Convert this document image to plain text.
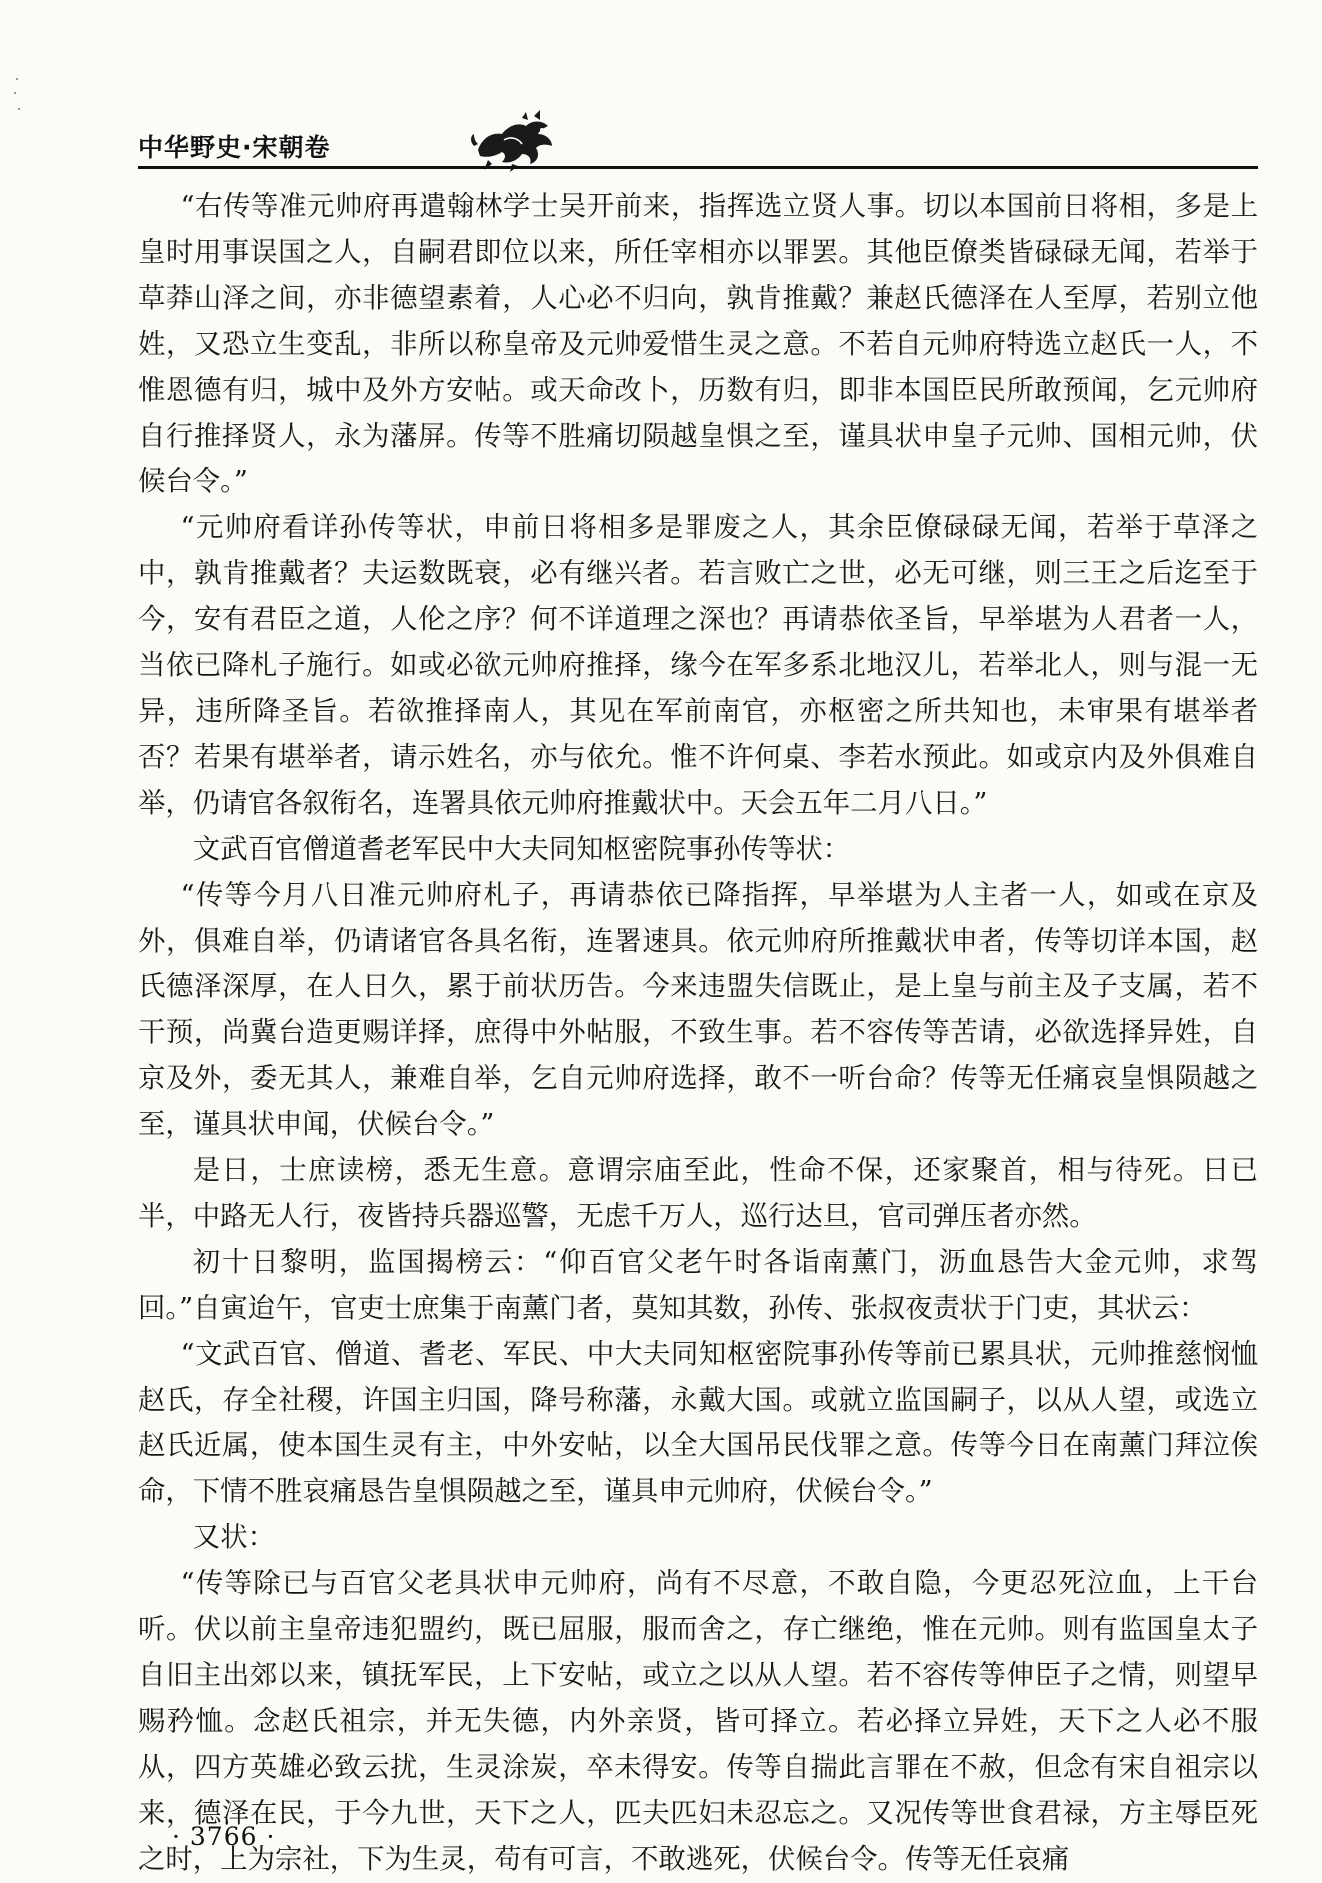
中华野史·宋朝卷

“右传等准元帅府再遣翰林学士吴开前来，指挥选立贤人事。切以本国前日将相，多是上皇时用事误国之人，自嗣君即位以来，所任宰相亦以罪罢。其他臣僚类皆碌碌无闻，若举于草莽山泽之间，亦非德望素着，人心必不归向，孰肯推戴？兼赵氏德泽在人至厚，若别立他姓，又恐立生变乱，非所以称皇帝及元帅爱惜生灵之意。不若自元帅府特选立赵氏一人，不惟恩德有归，城中及外方安帖。或天命改卜，历数有归，即非本国臣民所敢预闻，乞元帅府自行推择贤人，永为藩屏。传等不胜痛切陨越皇惧之至，谨具状申皇子元帅、国相元帅，伏候台令。”

“元帅府看详孙传等状，申前日将相多是罪废之人，其余臣僚碌碌无闻，若举于草泽之中，孰肯推戴者？夫运数既衰，必有继兴者。若言败亡之世，必无可继，则三王之后迄至于今，安有君臣之道，人伦之序？何不详道理之深也？再请恭依圣旨，早举堪为人君者一人，当依已降札子施行。如或必欲元帅府推择，缘今在军多系北地汉儿，若举北人，则与混一无异，违所降圣旨。若欲推择南人，其见在军前南官，亦枢密之所共知也，未审果有堪举者否？若果有堪举者，请示姓名，亦与依允。惟不许何桌、李若水预此。如或京内及外俱难自举，仍请官各叙衔名，连署具依元帅府推戴状中。天会五年二月八日。”

文武百官僧道耆老军民中大夫同知枢密院事孙传等状：

“传等今月八日准元帅府札子，再请恭依已降指挥，早举堪为人主者一人，如或在京及外，俱难自举，仍请诸官各具名衔，连署速具。依元帅府所推戴状申者，传等切详本国，赵氏德泽深厚，在人日久，累于前状历告。今来违盟失信既止，是上皇与前主及子支属，若不干预，尚冀台造更赐详择，庶得中外帖服，不致生事。若不容传等苦请，必欲选择异姓，自京及外，委无其人，兼难自举，乞自元帅府选择，敢不一听台命？传等无任痛哀皇惧陨越之至，谨具状申闻，伏候台令。”

是日，士庶读榜，悉无生意。意谓宗庙至此，性命不保，还家聚首，相与待死。日已半，中路无人行，夜皆持兵器巡警，无虑千万人，巡行达旦，官司弹压者亦然。

初十日黎明，监国揭榜云：“仰百官父老午时各诣南薰门，沥血恳告大金元帅，求驾回。”自寅迨午，官吏士庶集于南薰门者，莫知其数，孙传、张叔夜责状于门吏，其状云：

“文武百官、僧道、耆老、军民、中大夫同知枢密院事孙传等前已累具状，元帅推慈悯恤赵氏，存全社稷，许国主归国，降号称藩，永戴大国。或就立监国嗣子，以从人望，或选立赵氏近属，使本国生灵有主，中外安帖，以全大国吊民伐罪之意。传等今日在南薰门拜泣俟命，下情不胜哀痛恳告皇惧陨越之至，谨具申元帅府，伏候台令。”

又状：

“传等除已与百官父老具状申元帅府，尚有不尽意，不敢自隐，今更忍死泣血，上干台听。伏以前主皇帝违犯盟约，既已屈服，服而舍之，存亡继绝，惟在元帅。则有监国皇太子自旧主出郊以来，镇抚军民，上下安帖，或立之以从人望。若不容传等伸臣子之情，则望早赐矜恤。念赵氏祖宗，并无失德，内外亲贤，皆可择立。若必择立异姓，天下之人必不服从，四方英雄必致云扰，生灵涂炭，卒未得安。传等自揣此言罪在不赦，但念有宋自祖宗以来，德泽在民，于今九世，天下之人，匹夫匹妇未忍忘之。又况传等世食君禄，方主辱臣死之时，上为宗社，下为生灵，苟有可言，不敢逃死，伏候台令。传等无任哀痛

· 3766 ·
